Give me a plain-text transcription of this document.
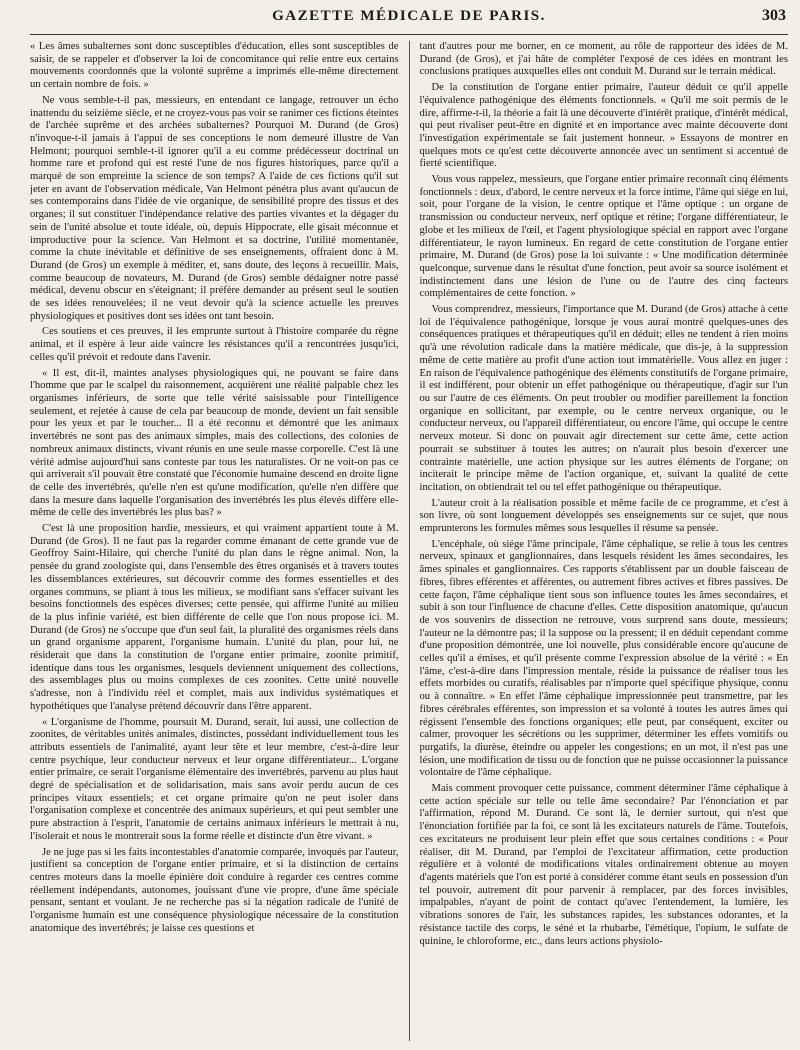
GAZETTE MÉDICALE DE PARIS.	303

« Les âmes subalternes sont donc susceptibles d'éducation, elles sont susceptibles de saisir, de se rappeler et d'observer la loi de concomitance qui relie entre eux certains mouvements coordonnés que la volonté suprême a imprimés elle-même directement un certain nombre de fois. »

Ne vous semble-t-il pas, messieurs, en entendant ce langage, retrouver un écho inattendu du seizième siècle, et ne croyez-vous pas voir se ranimer ces fictions éteintes de l'archée suprême et des archées subalternes? Pourquoi M. Durand (de Gros) n'invoque-t-il jamais à l'appui de ses conceptions le nom demeuré illustre de Van Helmont; pourquoi semble-t-il ignorer qu'il a eu comme prédécesseur doctrinal un homme rare et profond qui est resté l'une de nos figures historiques, parce qu'il a marqué de son empreinte la science de son temps? A l'aide de ces fictions qu'il sut jeter en avant de l'observation médicale, Van Helmont pénétra plus avant qu'aucun de ses contemporains dans l'idée de vie organique, de sensibilité propre des tissus et des organes; il sut constituer l'indépendance relative des parties vivantes et la dégager du sein de l'unité absolue et toute idéale, où, depuis Hippocrate, elle gisait méconnue et improductive pour la science. Van Helmont et sa doctrine, l'utilité momentanée, comme la chute inévitable et définitive de ses enseignements, offraient donc à M. Durand (de Gros) un exemple à méditer, et, sans doute, des leçons à recueillir. Mais, comme beaucoup de novateurs, M. Durand (de Gros) semble dédaigner notre passé médical, devenu obscur en s'éteignant; il préfère demander au présent seul le soutien de ses idées renouvelées; il ne veut devoir qu'à la science actuelle les preuves physiologiques et positives dont ses idées ont tant besoin.

Ces soutiens et ces preuves, il les emprunte surtout à l'histoire comparée du règne animal, et il espère à leur aide vaincre les résistances qu'il a rencontrées jusqu'ici, celles qu'il prévoit et redoute dans l'avenir.

« Il est, dit-il, maintes analyses physiologiques qui, ne pouvant se faire dans l'homme que par le scalpel du raisonnement, acquièrent une réalité palpable chez les organismes inférieurs, de sorte que telle vérité saisissable pour l'intelligence seulement, et rejetée à cause de cela par beaucoup de monde, devient un fait sensible pour les yeux et par le toucher... Il a été reconnu et démontré que les animaux invertébrés ne sont pas des animaux simples, mais des collections, des colonies de nombreux animaux distincts, vivant réunis en une seule masse corporelle. C'est là une vérité admise aujourd'hui sans conteste par tous les naturalistes. Or ne voit-on pas ce qui arriverait s'il pouvait être constaté que l'économie humaine descend en droite ligne de celle des invertébrés, qu'elle n'en est qu'une modification, qu'elle n'en diffère que dans la mesure dans laquelle l'organisation des invertébrés les plus élevés diffère elle-même de celle des invertébrés les plus bas? »

C'est là une proposition hardie, messieurs, et qui vraiment appartient toute à M. Durand (de Gros). Il ne faut pas la regarder comme émanant de cette grande vue de Geoffroy Saint-Hilaire, qui cherche l'unité du plan dans le règne animal. Non, la pensée du grand zoologiste qui, dans l'ensemble des êtres organisés et à travers toutes les dissemblances extérieures, sut découvrir comme des formes essentielles et des organes communs, se pliant à tous les milieux, se modifiant sans s'effacer suivant les besoins fonctionnels des espèces diverses; cette pensée, qui affirme l'unité au milieu de la plus infinie variété, est bien différente de celle que l'on nous propose ici. M. Durand (de Gros) ne s'occupe que d'un seul fait, la pluralité des organismes réels dans un grand organisme apparent, l'organisme humain. L'unité du plan, pour lui, ne résiderait que dans la constitution de l'organe entier primaire, zoonite primitif, identique dans tous les organismes, lesquels deviennent uniquement des collections, des assemblages plus ou moins complexes de ces zoonites. Cette unité nouvelle s'adresse, non à l'individu réel et complet, mais aux individus systématiques et hypothétiques que l'analyse prétend découvrir dans l'être apparent.

« L'organisme de l'homme, poursuit M. Durand, serait, lui aussi, une collection de zoonites, de véritables unités animales, distinctes, possédant individuellement tous les attributs essentiels de l'animalité, ayant leur tête et leur membre, c'est-à-dire leur centre psychique, leur conducteur nerveux et leur organe différentiateur... L'organe entier primaire, ce serait l'organisme élémentaire des invertébrés, parvenu au plus haut degré de spécialisation et de solidarisation, mais sans avoir perdu aucun de ces principes vitaux essentiels; et cet organe primaire qu'on ne peut isoler dans l'organisation complexe et concentrée des animaux supérieurs, et qui peut sembler une pure abstraction à l'esprit, l'anatomie de certains animaux inférieurs le mettrait à nu, l'isolerait et nous le montrerait sous la forme réelle et distincte d'un être vivant. »

Je ne juge pas si les faits incontestables d'anatomie comparée, invoqués par l'auteur, justifient sa conception de l'organe entier primaire, et si la distinction de certains centres moteurs dans la moelle épinière doit conduire à regarder ces centres comme réellement indépendants, autonomes, jouissant d'une vie propre, d'une âme spéciale pensant, sentant et voulant. Je ne recherche pas si la négation radicale de l'unité de l'organisme humain est une conséquence physiologique nécessaire de la constitution anatomique des invertébrés; je laisse ces questions et

tant d'autres pour me borner, en ce moment, au rôle de rapporteur des idées de M. Durand (de Gros), et j'ai hâte de compléter l'exposé de ces idées en montrant les conclusions pratiques auxquelles elles ont conduit M. Durand sur le terrain médical.

De la constitution de l'organe entier primaire, l'auteur déduit ce qu'il appelle l'équivalence pathogénique des éléments fonctionnels. « Qu'il me soit permis de le dire, affirme-t-il, la théorie a fait là une découverte d'intérêt pratique, d'intérêt médical, qui peut rivaliser peut-être en dignité et en importance avec mainte découverte dont l'investigation expérimentale se fait justement honneur. » Essayons de montrer en quelques mots ce qu'est cette découverte annoncée avec un sentiment si accentué de fierté scientifique.

Vous vous rappelez, messieurs, que l'organe entier primaire reconnaît cinq éléments fonctionnels : deux, d'abord, le centre nerveux et la force intime, l'âme qui siége en lui, soit, pour l'organe de la vision, le centre optique et l'âme optique : un organe de transmission ou conducteur nerveux, nerf optique et rétine; l'organe différentiateur, le globe et les milieux de l'œil, et l'agent physiologique spécial en rapport avec l'organe différentiateur, le rayon lumineux. En regard de cette constitution de l'organe entier primaire, M. Durand (de Gros) pose la loi suivante : « Une modification déterminée quelconque, survenue dans le résultat d'une fonction, peut avoir sa source isolément et indistinctement dans une lésion de l'une ou de l'autre des cinq facteurs complémentaires de cette fonction. »

Vous comprendrez, messieurs, l'importance que M. Durand (de Gros) attache à cette loi de l'équivalence pathogénique, lorsque je vous aurai montré quelques-unes des conséquences pratiques et thérapeutiques qu'il en déduit; elles ne tendent à rien moins qu'à une révolution radicale dans la matière médicale, que dis-je, à la suppression même de cette matière au profit d'une action tout immatérielle. Vous allez en juger : En raison de l'équivalence pathogénique des éléments constitutifs de l'organe primaire, il est indifférent, pour obtenir un effet pathogénique ou thérapeutique, d'agir sur l'un ou sur l'autre de ces éléments. On peut troubler ou modifier pareillement la fonction organique en sollicitant, par exemple, ou le centre nerveux organique, ou le conducteur nerveux, ou l'appareil différentiateur, ou encore l'âme, qui occupe le centre nerveux moteur. Si donc on pouvait agir directement sur cette âme, cette action pourrait se substituer à toutes les autres; on n'aurait plus besoin d'exercer une contrainte matérielle, une action physique sur les autres éléments de l'organe; on inciterait le principe même de l'action organique, et, suivant la qualité de cette incitation, on obtiendrait tel ou tel effet pathogénique ou thérapeutique.

L'auteur croit à la réalisation possible et même facile de ce programme, et c'est à son livre, où sont longuement développés ses enseignements sur ce sujet, que nous emprunterons les formules mêmes sous lesquelles il résume sa pensée.

L'encéphale, où siége l'âme principale, l'âme céphalique, se relie à tous les centres nerveux, spinaux et ganglionnaires, dans lesquels résident les âmes secondaires, les âmes spinales et ganglionnaires. Ces rapports s'établissent par un double faisceau de fibres, fibres efférentes et afférentes, ou autrement fibres actives et fibres passives. De cette façon, l'âme céphalique tient sous son influence toutes les âmes secondaires, et subit à son tour l'influence de chacune d'elles. Cette disposition anatomique, qu'aucun de vos souvenirs de dissection ne retrouve, vous surprend sans doute, messieurs; l'auteur ne la démontre pas; il la suppose ou la pressent; il en déduit cependant comme d'une proposition démontrée, une loi nouvelle, plus considérable encore qu'aucune de celles qu'il a émises, et qu'il présente comme l'expression absolue de la vérité : « En l'âme, c'est-à-dire dans l'impression mentale, réside la puissance de réaliser tous les effets morbides ou curatifs, réalisables par n'importe quel spécifique physique, connu ou à connaître. » En effet l'âme céphalique impressionnée peut transmettre, par les fibres cérébrales efférentes, son impression et sa volonté à toutes les autres âmes qui régissent l'ensemble des fonctions organiques; elle peut, par conséquent, exciter ou calmer, provoquer les sécrétions ou les supprimer, déterminer les effets vomitifs ou purgatifs, la diurèse, éteindre ou appeler les congestions; en un mot, il n'est pas une lésion, une modification de tissu ou de fonction que ne puisse occasionner la puissance volontaire de l'âme céphalique.

Mais comment provoquer cette puissance, comment déterminer l'âme céphalique à cette action spéciale sur telle ou telle âme secondaire? Par l'énonciation et par l'affirmation, répond M. Durand. Ce sont là, le dernier surtout, qui n'est que l'énonciation fortifiée par la foi, ce sont là les excitateurs naturels de l'âme. Toutefois, ces excitateurs ne produisent leur plein effet que sous certaines conditions : « Pour réaliser, dit M. Durand, par l'emploi de l'excitateur affirmation, cette production régulière et à volonté de modifications vitales ordinairement obtenue au moyen d'agents matériels que l'on est porté à considérer comme étant seuls en possession d'un tel pouvoir, autrement dit pour parvenir à remplacer, par des forces invisibles, impalpables, n'ayant de point de contact qu'avec l'entendement, la lumière, les vibrations sonores de l'air, les substances rapides, les substances odorantes, et la résistance tactile des corps, le séné et la rhubarbe, l'émétique, l'opium, le sulfate de quinine, le chloroforme, etc., dans leurs actions physiolo-
